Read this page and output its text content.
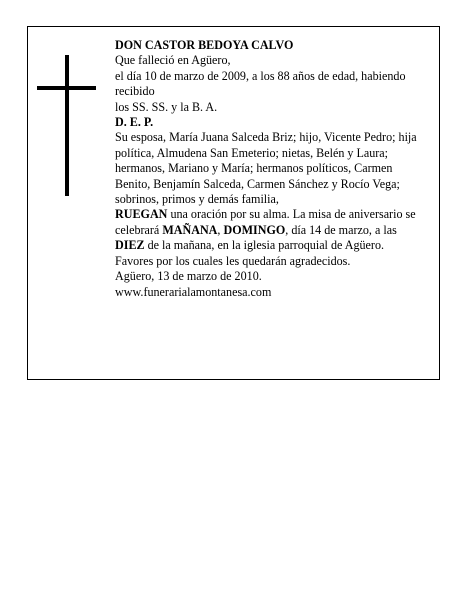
DON CASTOR BEDOYA CALVO

Que falleció en Agüero,

el día 10 de marzo de 2009, a los 88 años de edad, habiendo recibido

los SS. SS. y la B. A.

D. E. P.

Su esposa, María Juana Salceda Briz; hijo, Vicente Pedro; hija política, Almudena San Emeterio; nietas, Belén y Laura; hermanos, Mariano y María; hermanos políticos, Carmen Benito, Benjamín Salceda, Carmen Sánchez y Rocío Vega; sobrinos, primos y demás familia,

RUEGAN una oración por su alma. La misa de aniversario se celebrará MAÑANA, DOMINGO, día 14 de marzo, a las DIEZ de la mañana, en la iglesia parroquial de Agüero. Favores por los cuales les quedarán agradecidos.

Agüero, 13 de marzo de 2010.

www.funerarialamontanesa.com
